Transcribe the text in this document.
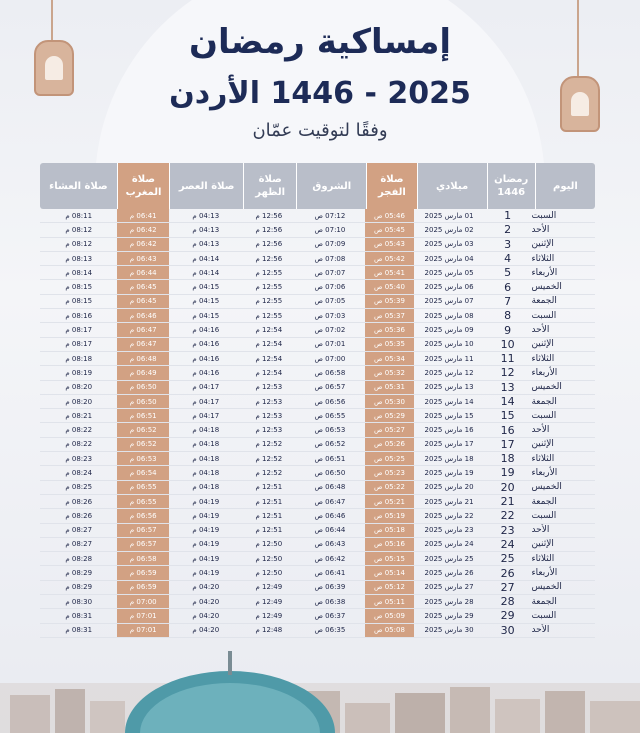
إمساكية رمضان
2025 - 1446 الأردن
وفقًا لتوقيت عمّان
اليوم
رمضان 1446
ميلادي
صلاة الفجر
الشروق
صلاة الظهر
صلاة العصر
صلاة المغرب
صلاة العشاء
السبت
1
01 مارس 2025
05:46 ص
07:12 ص
12:56 م
04:13 م
06:41 م
08:11 م
الأحد
2
02 مارس 2025
05:45 ص
07:10 ص
12:56 م
04:13 م
06:42 م
08:12 م
الإثنين
3
03 مارس 2025
05:43 ص
07:09 ص
12:56 م
04:13 م
06:42 م
08:12 م
الثلاثاء
4
04 مارس 2025
05:42 ص
07:08 ص
12:56 م
04:14 م
06:43 م
08:13 م
الأربعاء
5
05 مارس 2025
05:41 ص
07:07 ص
12:55 م
04:14 م
06:44 م
08:14 م
الخميس
6
06 مارس 2025
05:40 ص
07:06 ص
12:55 م
04:15 م
06:45 م
08:15 م
الجمعة
7
07 مارس 2025
05:39 ص
07:05 ص
12:55 م
04:15 م
06:45 م
08:15 م
السبت
8
08 مارس 2025
05:37 ص
07:03 ص
12:55 م
04:15 م
06:46 م
08:16 م
الأحد
9
09 مارس 2025
05:36 ص
07:02 ص
12:54 م
04:16 م
06:47 م
08:17 م
الإثنين
10
10 مارس 2025
05:35 ص
07:01 ص
12:54 م
04:16 م
06:47 م
08:17 م
الثلاثاء
11
11 مارس 2025
05:34 ص
07:00 ص
12:54 م
04:16 م
06:48 م
08:18 م
الأربعاء
12
12 مارس 2025
05:32 ص
06:58 ص
12:54 م
04:16 م
06:49 م
08:19 م
الخميس
13
13 مارس 2025
05:31 ص
06:57 ص
12:53 م
04:17 م
06:50 م
08:20 م
الجمعة
14
14 مارس 2025
05:30 ص
06:56 ص
12:53 م
04:17 م
06:50 م
08:20 م
السبت
15
15 مارس 2025
05:29 ص
06:55 ص
12:53 م
04:17 م
06:51 م
08:21 م
الأحد
16
16 مارس 2025
05:27 ص
06:53 ص
12:53 م
04:18 م
06:52 م
08:22 م
الإثنين
17
17 مارس 2025
05:26 ص
06:52 ص
12:52 م
04:18 م
06:52 م
08:22 م
الثلاثاء
18
18 مارس 2025
05:25 ص
06:51 ص
12:52 م
04:18 م
06:53 م
08:23 م
الأربعاء
19
19 مارس 2025
05:23 ص
06:50 ص
12:52 م
04:18 م
06:54 م
08:24 م
الخميس
20
20 مارس 2025
05:22 ص
06:48 ص
12:51 م
04:18 م
06:55 م
08:25 م
الجمعة
21
21 مارس 2025
05:21 ص
06:47 ص
12:51 م
04:19 م
06:55 م
08:26 م
السبت
22
22 مارس 2025
05:19 ص
06:46 ص
12:51 م
04:19 م
06:56 م
08:26 م
الأحد
23
23 مارس 2025
05:18 ص
06:44 ص
12:51 م
04:19 م
06:57 م
08:27 م
الإثنين
24
24 مارس 2025
05:16 ص
06:43 ص
12:50 م
04:19 م
06:57 م
08:27 م
الثلاثاء
25
25 مارس 2025
05:15 ص
06:42 ص
12:50 م
04:19 م
06:58 م
08:28 م
الأربعاء
26
26 مارس 2025
05:14 ص
06:41 ص
12:50 م
04:19 م
06:59 م
08:29 م
الخميس
27
27 مارس 2025
05:12 ص
06:39 ص
12:49 م
04:20 م
06:59 م
08:29 م
الجمعة
28
28 مارس 2025
05:11 ص
06:38 ص
12:49 م
04:20 م
07:00 م
08:30 م
السبت
29
29 مارس 2025
05:09 ص
06:37 ص
12:49 م
04:20 م
07:01 م
08:31 م
الأحد
30
30 مارس 2025
05:08 ص
06:35 ص
12:48 م
04:20 م
07:01 م
08:31 م
